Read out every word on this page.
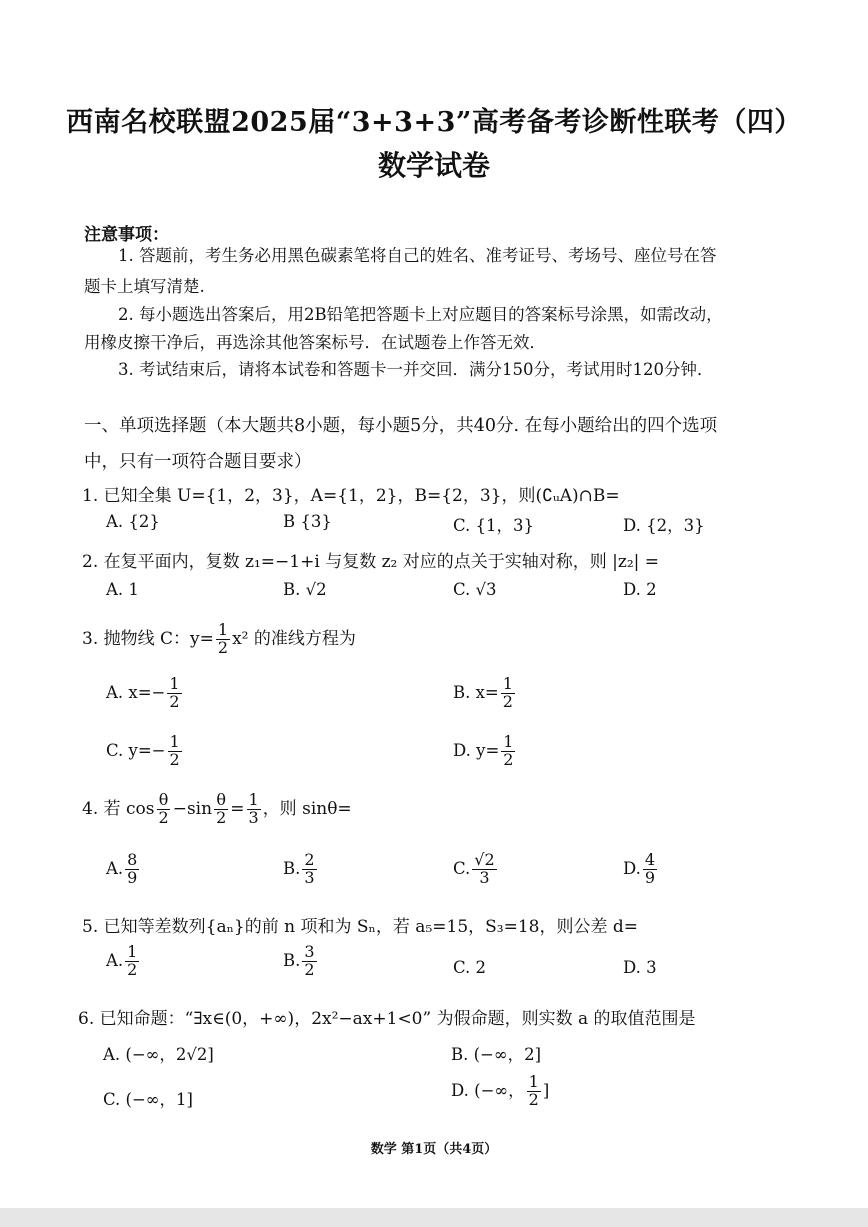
西南名校联盟2025届“3+3+3”高考备考诊断性联考（四）
数学试卷
注意事项：
1. 答题前，考生务必用黑色碳素笔将自己的姓名、准考证号、考场号、座位号在答
题卡上填写清楚.
2. 每小题选出答案后，用2B铅笔把答题卡上对应题目的答案标号涂黑，如需改动，
用橡皮擦干净后，再选涂其他答案标号．在试题卷上作答无效．
3. 考试结束后，请将本试卷和答题卡一并交回．满分150分，考试用时120分钟．
一、单项选择题（本大题共8小题，每小题5分，共40分. 在每小题给出的四个选项
中，只有一项符合题目要求）
1. 已知全集 U={1，2，3}，A={1，2}，B={2，3}，则(∁ᵤA)∩B=
A. {2}	B {3}	C. {1，3}	D. {2，3}
2. 在复平面内，复数 z₁=−1+i 与复数 z₂ 对应的点关于实轴对称，则 |z₂| =
A. 1	B. √2	C. √3	D. 2
3. 抛物线 C：$y= \frac{1}{2} x^2$ 的准线方程为
A. $x=- \frac{1}{2}$	B. $x= \frac{1}{2}$
C. $y=- \frac{1}{2}$	D. $y= \frac{1}{2}$
4. 若 $\cos \frac{\theta}{2} -\sin \frac{\theta}{2} = \frac{1}{3}$ ，则 sinθ=
A. $\frac{8}{9}$	B. $\frac{2}{3}$	C. $\frac{√2}{3}$	D. $\frac{4}{9}$
5. 已知等差数列{aₙ}的前 n 项和为 Sₙ，若 a₅=15，S₃=18，则公差 d=
A. $\frac{1}{2}$	B. $\frac{3}{2}$	C. 2	D. 3
6. 已知命题：“∃x∈(0，+∞)，2x²−ax+1<0” 为假命题，则实数 a 的取值范围是
A. (−∞，2√2]	B. (−∞，2]
C. (−∞，1]	D. (−∞， $\frac{1}{2}$ ]
数学 第1页（共4页）
